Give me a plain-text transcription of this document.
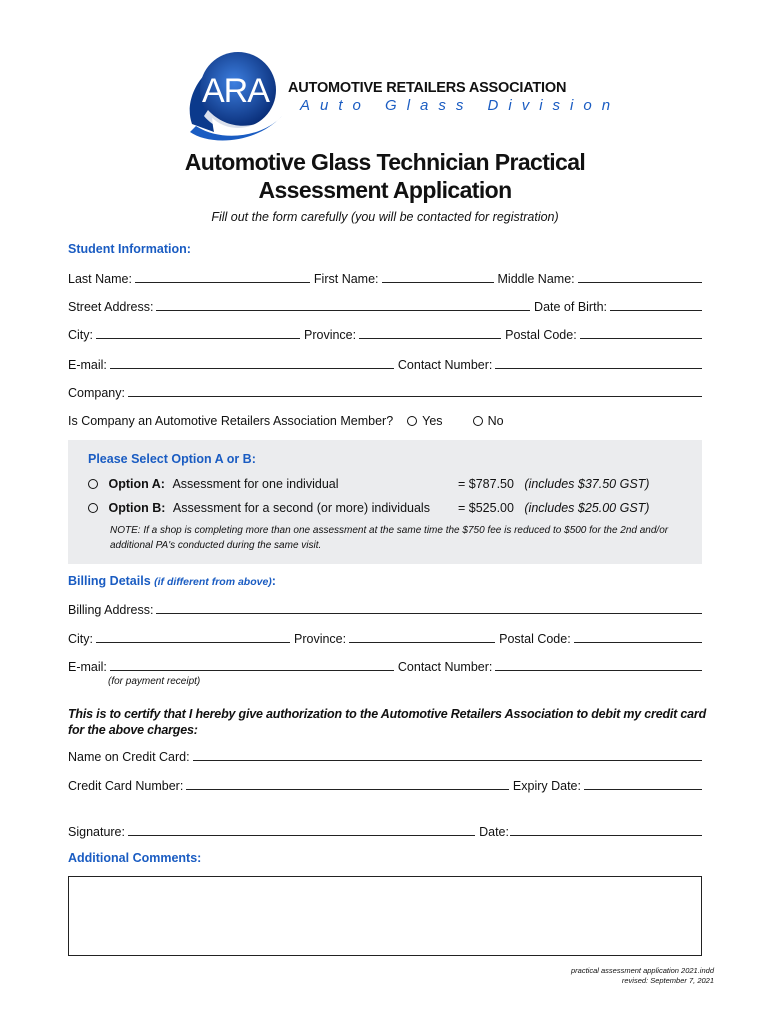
ARA AUTOMOTIVE RETAILERS ASSOCIATION
Auto Glass Division
Automotive Glass Technician Practical
Assessment Application
Fill out the form carefully (you will be contacted for registration)
Student Information:
Last Name:	First Name:	Middle Name:
Street Address:	Date of Birth:
City:	Province:	Postal Code:
E-mail:	Contact Number:
Company:
Is Company an Automotive Retailers Association Member?	Yes	No
Please Select Option A or B:
Option A: Assessment for one individual	= $787.50 (includes $37.50 GST)
Option B: Assessment for a second (or more) individuals	= $525.00 (includes $25.00 GST)
NOTE: If a shop is completing more than one assessment at the same time the $750 fee is reduced to $500 for the 2nd and/or additional PA's conducted during the same visit.
Billing Details (if different from above):
Billing Address:
City:	Province:	Postal Code:
E-mail:	Contact Number:
(for payment receipt)
This is to certify that I hereby give authorization to the Automotive Retailers Association to debit my credit card for the above charges:
Name on Credit Card:
Credit Card Number:	Expiry Date:
Signature:	Date:
Additional Comments:
practical assessment application 2021.indd
revised: September 7, 2021
